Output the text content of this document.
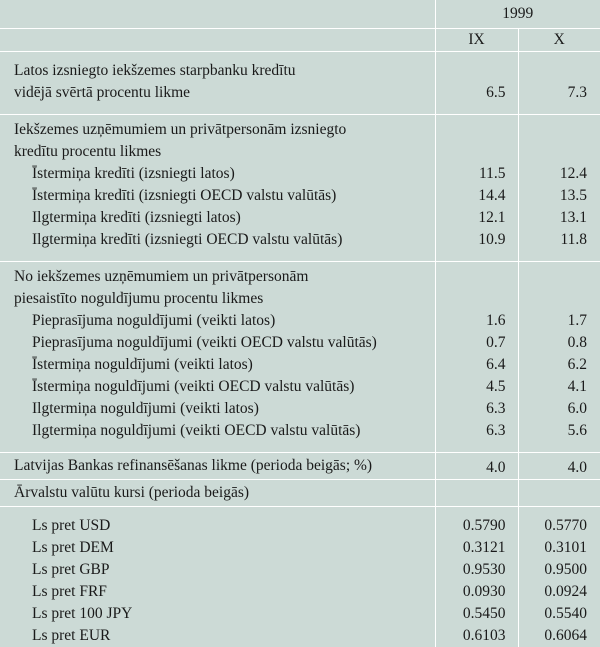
	1999	
	IX	X
Latos izsniegto iekšzemes starpbanku kredītu		
vidējā svērtā procentu likme	6.5	7.3

Iekšzemes uzņēmumiem un privātpersonām izsniegto		
kredītu procentu likmes		
Īstermiņa kredīti (izsniegti latos)	11.5	12.4
Īstermiņa kredīti (izsniegti OECD valstu valūtās)	14.4	13.5
Ilgtermiņa kredīti (izsniegti latos)	12.1	13.1
Ilgtermiņa kredīti (izsniegti OECD valstu valūtās)	10.9	11.8

No iekšzemes uzņēmumiem un privātpersonām		
piesaistīto noguldījumu procentu likmes		
Pieprasījuma noguldījumi (veikti latos)	1.6	1.7
Pieprasījuma noguldījumi (veikti OECD valstu valūtās)	0.7	0.8
Īstermiņa noguldījumi (veikti latos)	6.4	6.2
Īstermiņa noguldījumi (veikti OECD valstu valūtās)	4.5	4.1
Ilgtermiņa noguldījumi (veikti latos)	6.3	6.0
Ilgtermiņa noguldījumi (veikti OECD valstu valūtās)	6.3	5.6

Latvijas Bankas refinansēšanas likme (perioda beigās; %)	4.0	4.0
Ārvalstu valūtu kursi (perioda beigās)		

Ls pret USD	0.5790	0.5770
Ls pret DEM	0.3121	0.3101
Ls pret GBP	0.9530	0.9500
Ls pret FRF	0.0930	0.0924
Ls pret 100 JPY	0.5450	0.5540
Ls pret EUR	0.6103	0.6064
